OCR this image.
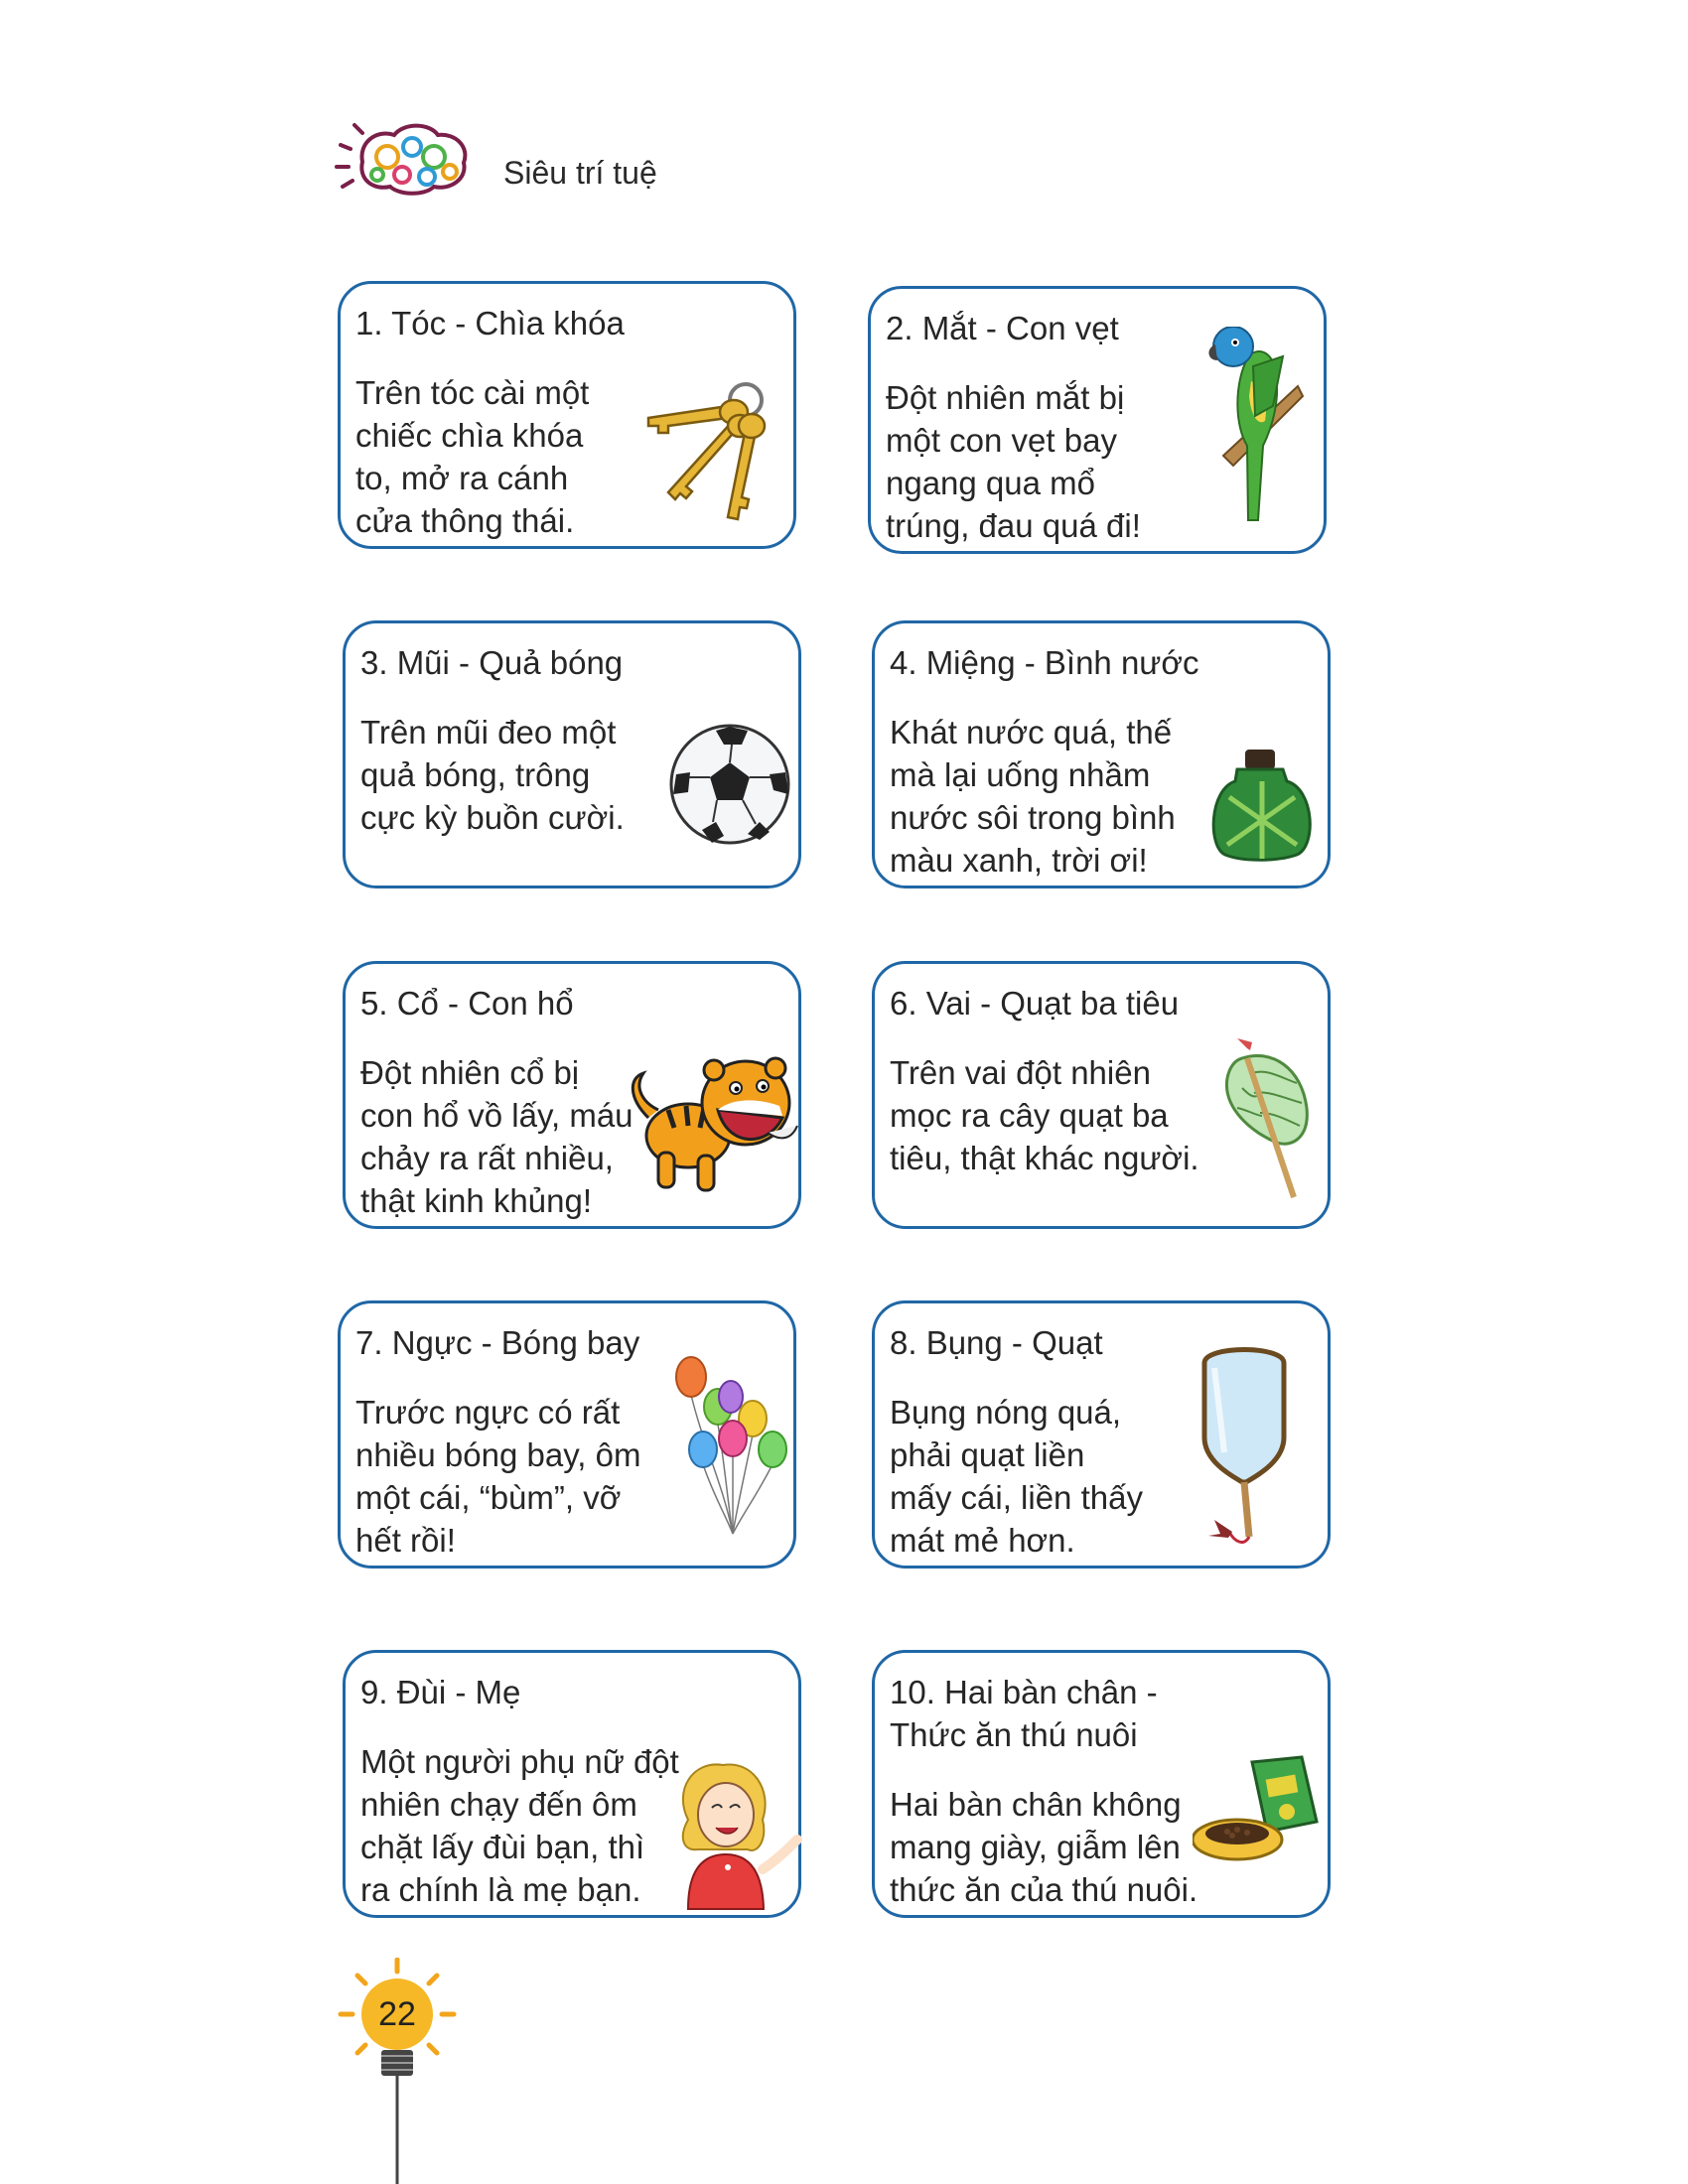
Siêu trí tuệ
1. Tóc - Chìa khóa
Trên tóc cài một
chiếc chìa khóa
to, mở ra cánh
cửa thông thái.
2. Mắt - Con vẹt
Đột nhiên mắt bị
một con vẹt bay
ngang qua mổ
trúng, đau quá đi!
3. Mũi - Quả bóng
Trên mũi đeo một
quả bóng, trông
cực kỳ buồn cười.
4. Miệng - Bình nước
Khát nước quá, thế
mà lại uống nhầm
nước sôi trong bình
màu xanh, trời ơi!
5. Cổ - Con hổ
Đột nhiên cổ bị
con hổ vồ lấy, máu
chảy ra rất nhiều,
thật kinh khủng!
6. Vai - Quạt ba tiêu
Trên vai đột nhiên
mọc ra cây quạt ba
tiêu, thật khác người.
7. Ngực - Bóng bay
Trước ngực có rất
nhiều bóng bay, ôm
một cái, “bùm”, vỡ
hết rồi!
8. Bụng - Quạt
Bụng nóng quá,
phải quạt liền
mấy cái, liền thấy
mát mẻ hơn.
9. Đùi - Mẹ
Một người phụ nữ đột
nhiên chạy đến ôm
chặt lấy đùi bạn, thì
ra chính là mẹ bạn.
10. Hai bàn chân -
Thức ăn thú nuôi
Hai bàn chân không
mang giày, giẫm lên
thức ăn của thú nuôi.
22
